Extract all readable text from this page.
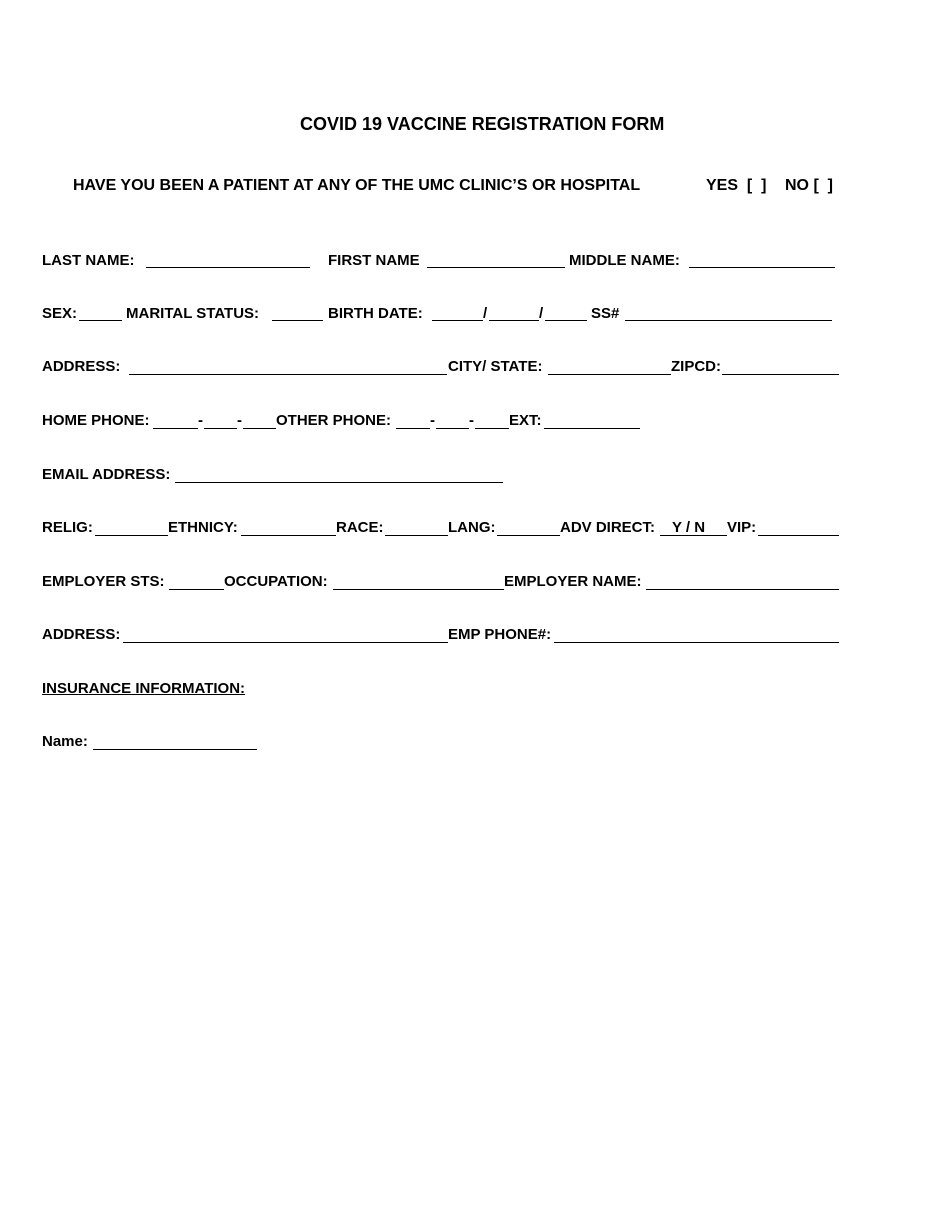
COVID 19 VACCINE REGISTRATION FORM
HAVE YOU BEEN A PATIENT AT ANY OF THE UMC CLINIC’S OR HOSPITAL	YES  [  ] NO [  ]
LAST NAME:	FIRST NAME	MIDDLE NAME:
SEX:	MARITAL STATUS:	BIRTH DATE:	/	/	SS#
ADDRESS:	CITY/ STATE:	ZIPCD:
HOME PHONE:	- - OTHER PHONE:	- - EXT:
EMAIL ADDRESS:
RELIG:	ETHNICY:	RACE:	LANG:	ADV DIRECT: Y / N VIP:
EMPLOYER STS:	OCCUPATION:	EMPLOYER NAME:
ADDRESS:	EMP PHONE#:
INSURANCE INFORMATION:
Name:
